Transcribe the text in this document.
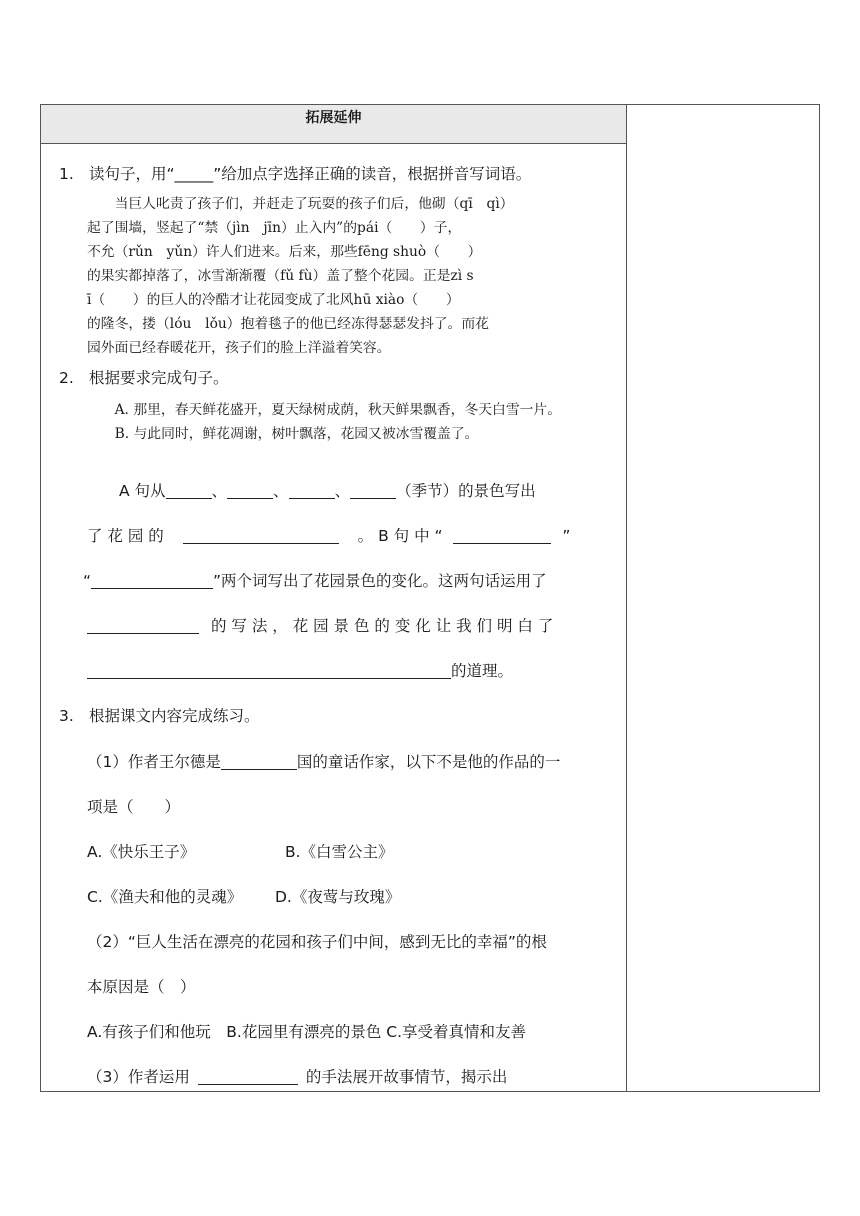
拓展延伸
1. 读句子，用“_____”给加点字选择正确的读音，根据拼音写词语。

当巨人叱责了孩子们，并赶走了玩耍的孩子们后，他砌（qī　qì）

起了围墙，竖起了“禁（jìn　jīn）止入内”的pái（　　）子，

不允（rǔn　yǔn）许人们进来。后来，那些fēng shuò（　　）

的果实都掉落了，冰雪渐渐覆（fǔ fù）盖了整个花园。正是zì s

ī（　　）的巨人的冷酷才让花园变成了北风hū xiào（　　）

的隆冬，搂（lóu　lǒu）抱着毯子的他已经冻得瑟瑟发抖了。而花

园外面已经春暖花开，孩子们的脸上洋溢着笑容。

2. 根据要求完成句子。

A. 那里，春天鲜花盛开，夏天绿树成荫，秋天鲜果飘香，冬天白雪一片。

B. 与此同时，鲜花凋谢，树叶飘落，花园又被冰雪覆盖了。

A 句从	、	、	、	（季节）的景色写出
了 花 园 的	。 B 句 中 “	”
“	”两个词写出了花园景色的变化。这两句话运用了
的 写 法 ， 花 园 景 色 的 变 化 让 我 们 明 白 了
的道理。
3. 根据课文内容完成练习。
（1）作者王尔德是	国的童话作家，以下不是他的作品的一
项是（　　）
A.《快乐王子》	B.《白雪公主》
C.《渔夫和他的灵魂》 D.《夜莺与玫瑰》
（2）“巨人生活在漂亮的花园和孩子们中间，感到无比的幸福”的根
本原因是（　）
A.有孩子们和他玩　B.花园里有漂亮的景色 C.享受着真情和友善
（3）作者运用	的手法展开故事情节，揭示出
